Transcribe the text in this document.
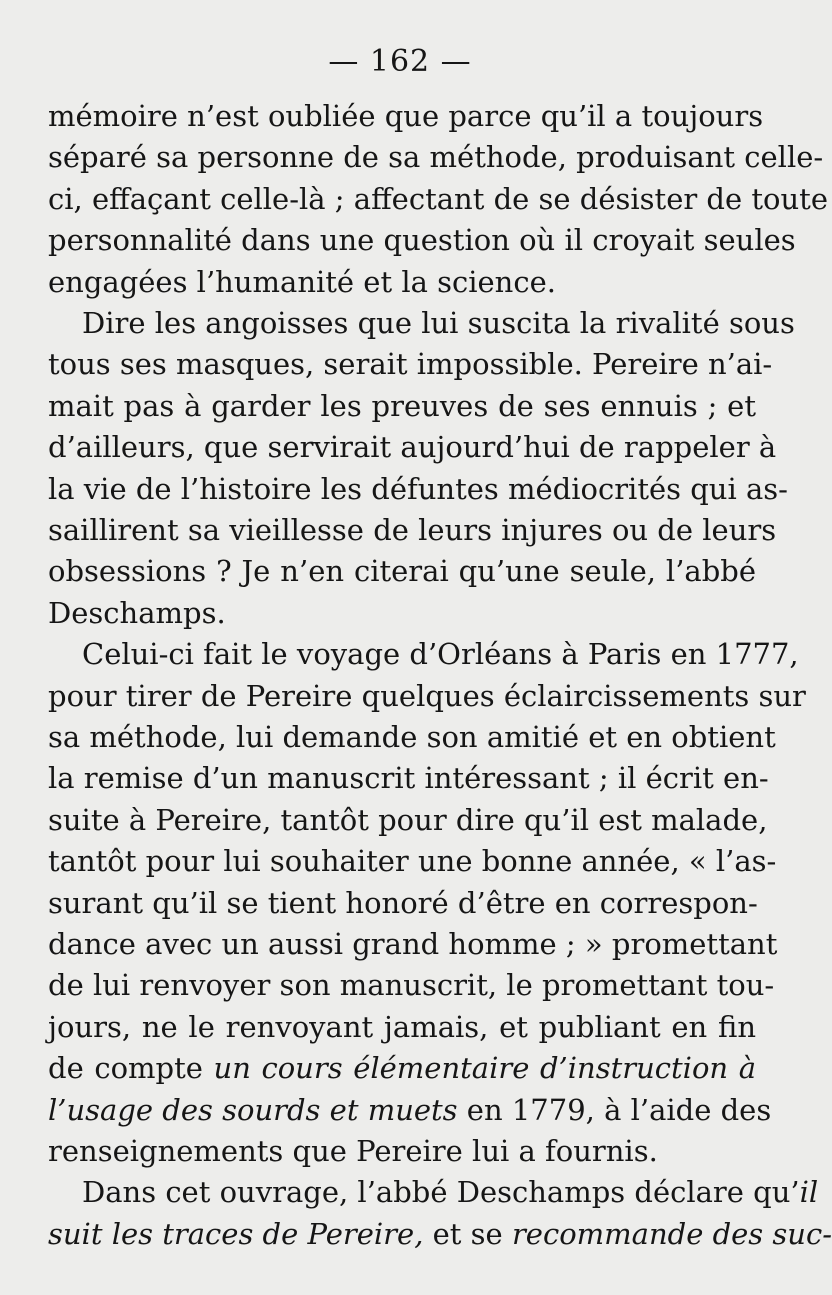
— 162 —
mémoire n’est oubliée que parce qu’il a toujours
séparé sa personne de sa méthode, produisant celle-
ci, effaçant celle-là ; affectant de se désister de toute
personnalité dans une question où il croyait seules
engagées l’humanité et la science.
Dire les angoisses que lui suscita la rivalité sous
tous ses masques, serait impossible. Pereire n’ai-
mait pas à garder les preuves de ses ennuis ; et
d’ailleurs, que servirait aujourd’hui de rappeler à
la vie de l’histoire les défuntes médiocrités qui as-
saillirent sa vieillesse de leurs injures ou de leurs
obsessions ? Je n’en citerai qu’une seule, l’abbé
Deschamps.
Celui-ci fait le voyage d’Orléans à Paris en 1777,
pour tirer de Pereire quelques éclaircissements sur
sa méthode, lui demande son amitié et en obtient
la remise d’un manuscrit intéressant ; il écrit en-
suite à Pereire, tantôt pour dire qu’il est malade,
tantôt pour lui souhaiter une bonne année, « l’as-
surant qu’il se tient honoré d’être en correspon-
dance avec un aussi grand homme ; » promettant
de lui renvoyer son manuscrit, le promettant tou-
jours, ne le renvoyant jamais, et publiant en fin
de compte un cours élémentaire d’instruction à
l’usage des sourds et muets en 1779, à l’aide des
renseignements que Pereire lui a fournis.
Dans cet ouvrage, l’abbé Deschamps déclare qu’il
suit les traces de Pereire, et se recommande des suc-
